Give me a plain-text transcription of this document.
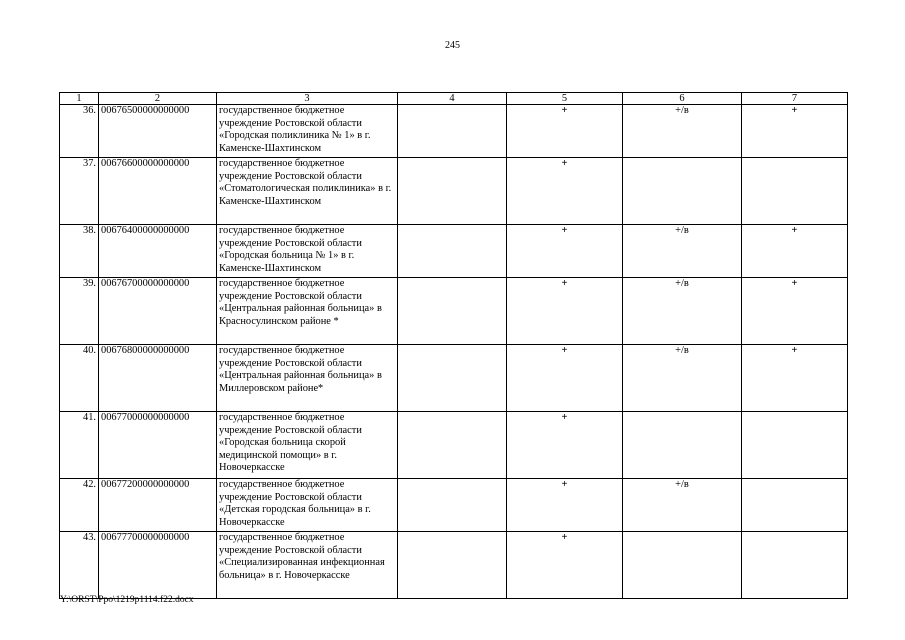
245
1	2	3	4	5	6	7
36.	00676500000000000	государственное бюджетное учреждение Ростовской области «Городская поликлиника № 1» в г. Каменске-Шахтинском		+	+/в	+
37.	00676600000000000	государственное бюджетное учреждение Ростовской области «Стоматологическая поликлиника» в г. Каменске-Шахтинском		+		
38.	00676400000000000	государственное бюджетное учреждение Ростовской области «Городская больница № 1» в г. Каменске-Шахтинском		+	+/в	+
39.	00676700000000000	государственное бюджетное учреждение Ростовской области «Центральная районная больница» в Красносулинском районе *		+	+/в	+
40.	00676800000000000	государственное бюджетное учреждение Ростовской области «Центральная районная больница» в Миллеровском районе*		+	+/в	+
41.	00677000000000000	государственное бюджетное учреждение Ростовской области «Городская больница скорой медицинской помощи» в г. Новочеркасске		+		
42.	00677200000000000	государственное бюджетное учреждение Ростовской области «Детская городская больница» в г. Новочеркасске		+	+/в	
43.	00677700000000000	государственное бюджетное учреждение Ростовской области «Специализированная инфекционная больница» в г. Новочеркасске		+		
Y:\ORST\Ppo\1219p1114.f22.docx
